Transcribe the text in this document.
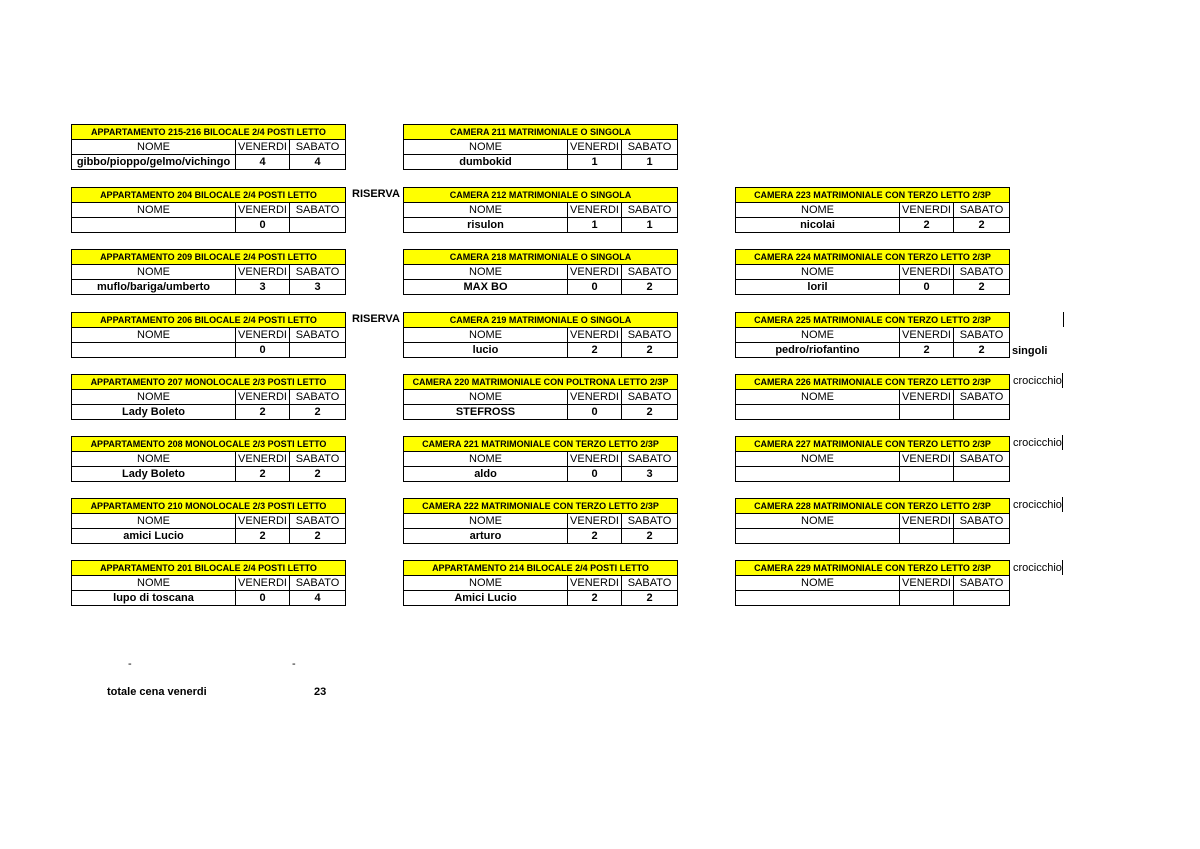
APPARTAMENTO 215-216 BILOCALE 2/4 POSTI LETTO		
NOME	VENERDI	SABATO
gibbo/pioppo/gelmo/vichingo	4	4
CAMERA 211 MATRIMONIALE O SINGOLA		
NOME	VENERDI	SABATO
dumbokid	1	1
APPARTAMENTO 204 BILOCALE 2/4 POSTI LETTO		
NOME	VENERDI	SABATO
	0	
CAMERA 212 MATRIMONIALE O SINGOLA		
NOME	VENERDI	SABATO
risulon	1	1
CAMERA 223 MATRIMONIALE CON TERZO LETTO 2/3P		
NOME	VENERDI	SABATO
nicolai	2	2
APPARTAMENTO 209 BILOCALE 2/4 POSTI LETTO		
NOME	VENERDI	SABATO
muflo/bariga/umberto	3	3
CAMERA 218 MATRIMONIALE O SINGOLA		
NOME	VENERDI	SABATO
MAX BO	0	2
CAMERA 224 MATRIMONIALE CON TERZO LETTO 2/3P		
NOME	VENERDI	SABATO
loril	0	2
APPARTAMENTO 206 BILOCALE 2/4 POSTI LETTO		
NOME	VENERDI	SABATO
	0	
CAMERA 219 MATRIMONIALE O SINGOLA		
NOME	VENERDI	SABATO
lucio	2	2
CAMERA 225 MATRIMONIALE CON TERZO LETTO 2/3P		
NOME	VENERDI	SABATO
pedro/riofantino	2	2
APPARTAMENTO 207 MONOLOCALE 2/3 POSTI LETTO		
NOME	VENERDI	SABATO
Lady Boleto	2	2
CAMERA 220 MATRIMONIALE CON POLTRONA LETTO 2/3P		
NOME	VENERDI	SABATO
STEFROSS	0	2
CAMERA 226 MATRIMONIALE CON TERZO LETTO 2/3P		
NOME	VENERDI	SABATO

APPARTAMENTO 208 MONOLOCALE 2/3 POSTI LETTO		
NOME	VENERDI	SABATO
Lady Boleto	2	2
CAMERA 221 MATRIMONIALE CON TERZO LETTO 2/3P		
NOME	VENERDI	SABATO
aldo	0	3
CAMERA 227 MATRIMONIALE CON TERZO LETTO 2/3P		
NOME	VENERDI	SABATO

APPARTAMENTO 210 MONOLOCALE 2/3 POSTI LETTO		
NOME	VENERDI	SABATO
amici Lucio	2	2
CAMERA 222 MATRIMONIALE CON TERZO LETTO 2/3P		
NOME	VENERDI	SABATO
arturo	2	2
CAMERA 228 MATRIMONIALE CON TERZO LETTO 2/3P		
NOME	VENERDI	SABATO

APPARTAMENTO 201 BILOCALE 2/4 POSTI LETTO		
NOME	VENERDI	SABATO
lupo di toscana	0	4
APPARTAMENTO 214 BILOCALE 2/4 POSTI LETTO		
NOME	VENERDI	SABATO
Amici Lucio	2	2
CAMERA 229 MATRIMONIALE CON TERZO LETTO 2/3P		
NOME	VENERDI	SABATO

RISERVA
RISERVA
singoli
crocicchio
crocicchio
crocicchio
crocicchio
-	-
totale cena venerdi	23
